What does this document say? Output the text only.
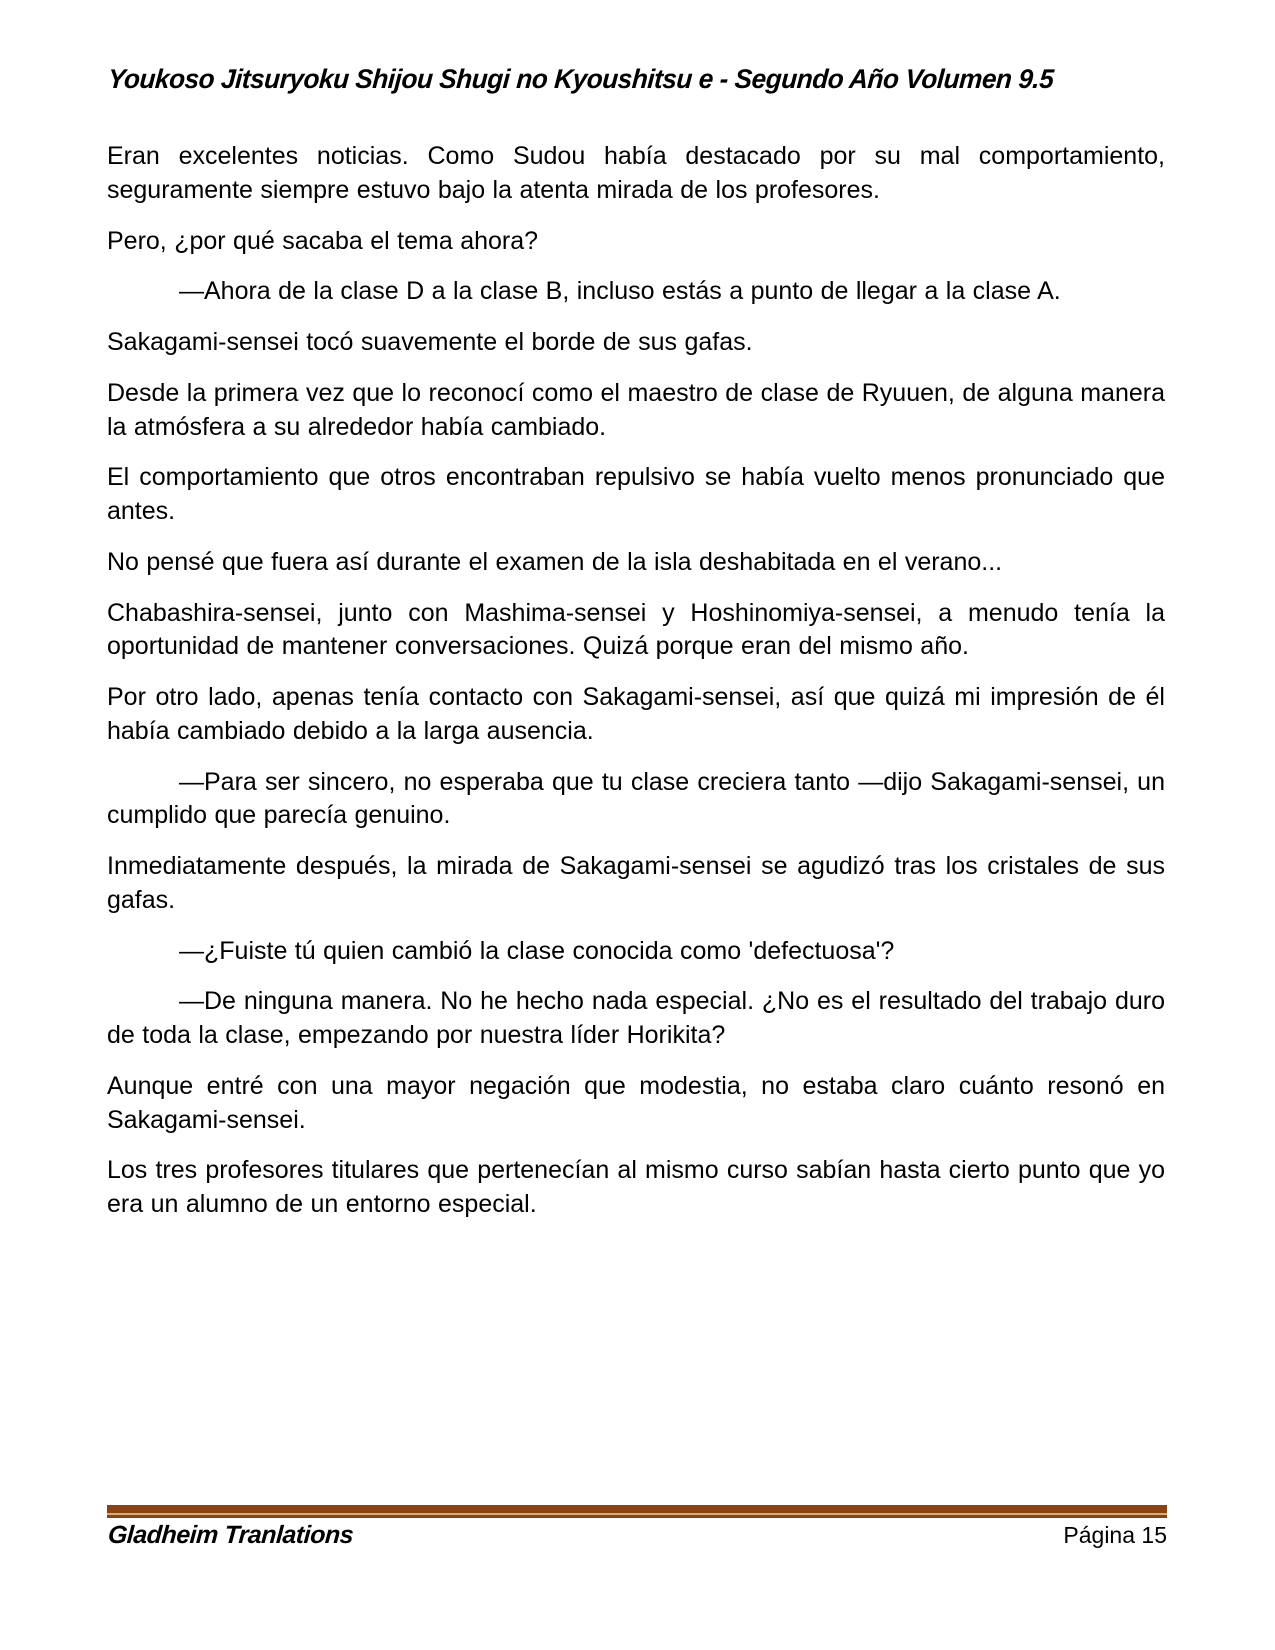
Youkoso Jitsuryoku Shijou Shugi no Kyoushitsu e - Segundo Año Volumen 9.5

Eran excelentes noticias. Como Sudou había destacado por su mal comportamiento, seguramente siempre estuvo bajo la atenta mirada de los profesores.

Pero, ¿por qué sacaba el tema ahora?

—Ahora de la clase D a la clase B, incluso estás a punto de llegar a la clase A.

Sakagami-sensei tocó suavemente el borde de sus gafas.

Desde la primera vez que lo reconocí como el maestro de clase de Ryuuen, de alguna manera la atmósfera a su alrededor había cambiado.

El comportamiento que otros encontraban repulsivo se había vuelto menos pronunciado que antes.

No pensé que fuera así durante el examen de la isla deshabitada en el verano...

Chabashira-sensei, junto con Mashima-sensei y Hoshinomiya-sensei, a menudo tenía la oportunidad de mantener conversaciones. Quizá porque eran del mismo año.

Por otro lado, apenas tenía contacto con Sakagami-sensei, así que quizá mi impresión de él había cambiado debido a la larga ausencia.

—Para ser sincero, no esperaba que tu clase creciera tanto —dijo Sakagami-sensei, un cumplido que parecía genuino.

Inmediatamente después, la mirada de Sakagami-sensei se agudizó tras los cristales de sus gafas.

—¿Fuiste tú quien cambió la clase conocida como 'defectuosa'?

—De ninguna manera. No he hecho nada especial. ¿No es el resultado del trabajo duro de toda la clase, empezando por nuestra líder Horikita?

Aunque entré con una mayor negación que modestia, no estaba claro cuánto resonó en Sakagami-sensei.

Los tres profesores titulares que pertenecían al mismo curso sabían hasta cierto punto que yo era un alumno de un entorno especial.

Gladheim Tranlations	Página 15
